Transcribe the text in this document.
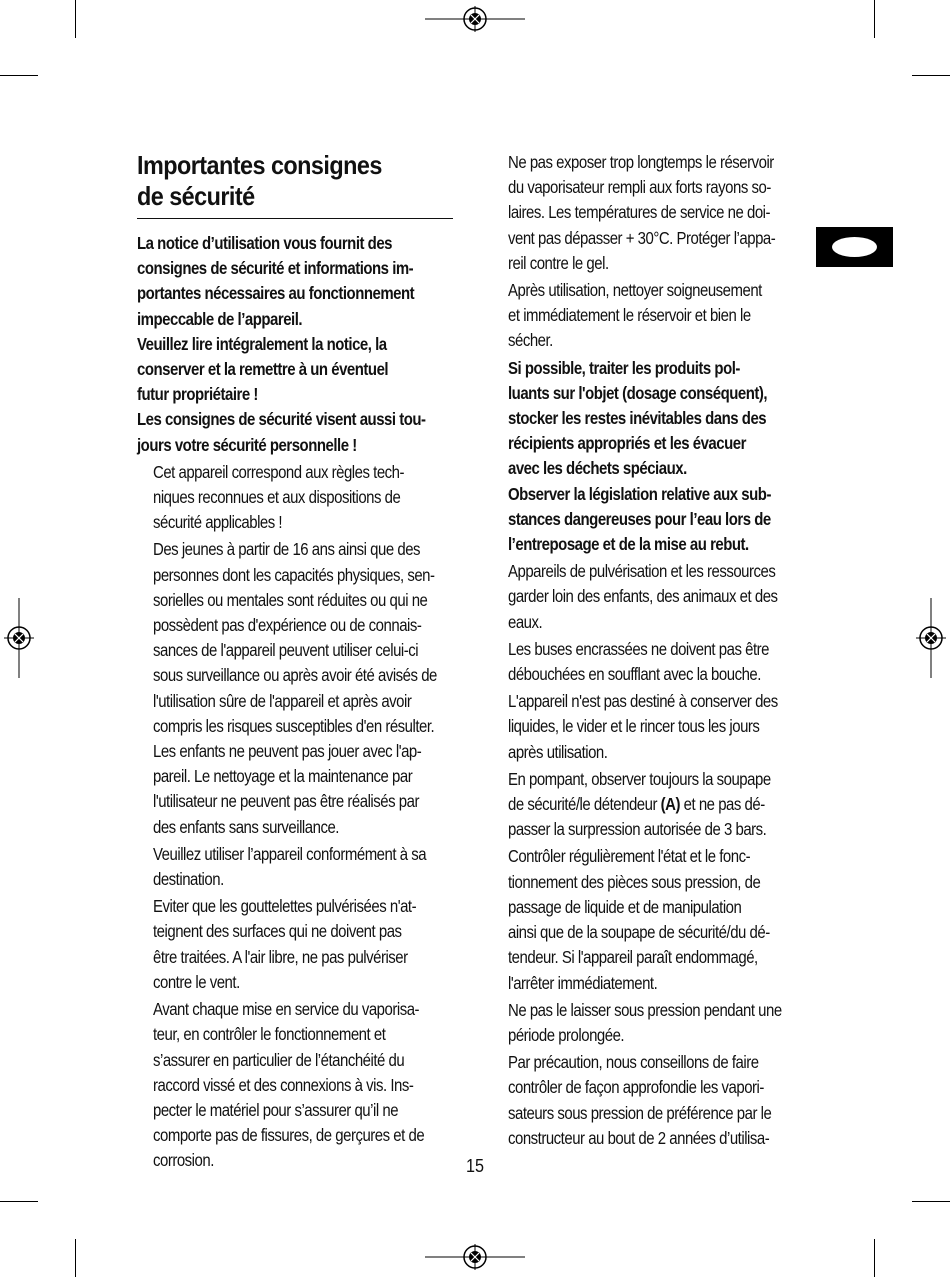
Importantes consignes
de sécurité

La notice d’utilisation vous fournit des
consignes de sécurité et informations im-
portantes nécessaires au fonctionnement
impeccable de l’appareil.

Veuillez lire intégralement la notice, la
conserver et la remettre à un éventuel
futur propriétaire !

Les consignes de sécurité visent aussi tou-
jours votre sécurité personnelle !

Cet appareil correspond aux règles tech-
niques reconnues et aux dispositions de
sécurité applicables !

Des jeunes à partir de 16 ans ainsi que des
personnes dont les capacités physiques, sen-
sorielles ou mentales sont réduites ou qui ne
possèdent pas d'expérience ou de connais-
sances de l'appareil peuvent utiliser celui-ci
sous surveillance ou après avoir été avisés de
l'utilisation sûre de l'appareil et après avoir
compris les risques susceptibles d'en résulter.
Les enfants ne peuvent pas jouer avec l'ap-
pareil. Le nettoyage et la maintenance par
l'utilisateur ne peuvent pas être réalisés par
des enfants sans surveillance.

Veuillez utiliser l’appareil conformément à sa
destination.

Eviter que les gouttelettes pulvérisées n'at-
teignent des surfaces qui ne doivent pas
être traitées. A l'air libre, ne pas pulvériser
contre le vent.

Avant chaque mise en service du vaporisa-
teur, en contrôler le fonctionnement et
s’assurer en particulier de l’étanchéité du
raccord vissé et des connexions à vis. Ins-
pecter le matériel pour s’assurer qu’il ne
comporte pas de fissures, de gerçures et de
corrosion.

Ne pas exposer trop longtemps le réservoir
du vaporisateur rempli aux forts rayons so-
laires. Les températures de service ne doi-
vent pas dépasser + 30°C. Protéger l’appa-
reil contre le gel.

Après utilisation, nettoyer soigneusement
et immédiatement le réservoir et bien le
sécher.

Si possible, traiter les produits pol-
luants sur l'objet (dosage conséquent),
stocker les restes inévitables dans des
récipients appropriés et les évacuer
avec les déchets spéciaux.

Observer la législation relative aux sub-
stances dangereuses pour l’eau lors de
l’entreposage et de la mise au rebut.

Appareils de pulvérisation et les ressources
garder loin des enfants, des animaux et des
eaux.

Les buses encrassées ne doivent pas être
débouchées en soufflant avec la bouche.

L'appareil n'est pas destiné à conserver des
liquides, le vider et le rincer tous les jours
après utilisation.

En pompant, observer toujours la soupape
de sécurité/le détendeur (A) et ne pas dé-
passer la surpression autorisée de 3 bars.

Contrôler régulièrement l'état et le fonc-
tionnement des pièces sous pression, de
passage de liquide et de manipulation
ainsi que de la soupape de sécurité/du dé-
tendeur. Si l'appareil paraît endommagé,
l'arrêter immédiatement.

Ne pas le laisser sous pression pendant une
période prolongée.

Par précaution, nous conseillons de faire
contrôler de façon approfondie les vapori-
sateurs sous pression de préférence par le
constructeur au bout de 2 années d’utilisa-

15
